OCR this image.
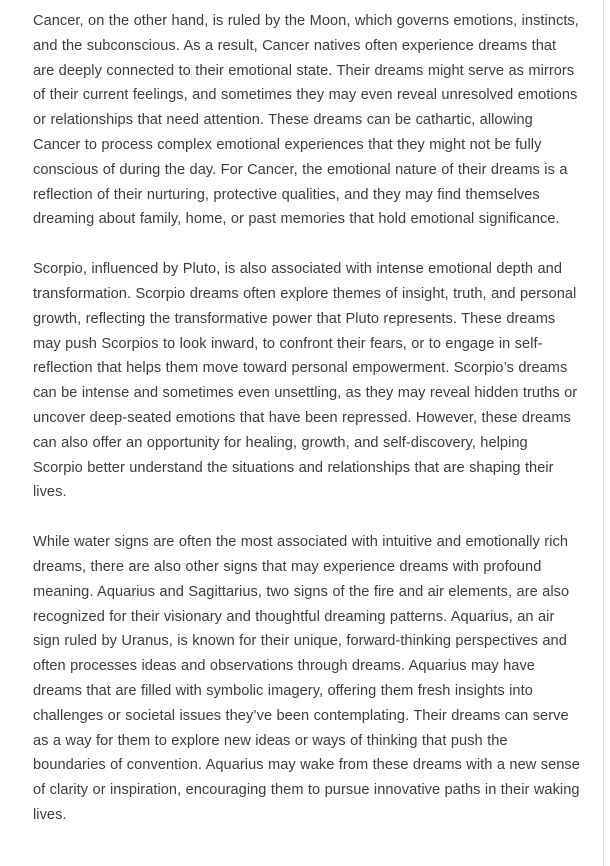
Cancer, on the other hand, is ruled by the Moon, which governs emotions, instincts, and the subconscious. As a result, Cancer natives often experience dreams that are deeply connected to their emotional state. Their dreams might serve as mirrors of their current feelings, and sometimes they may even reveal unresolved emotions or relationships that need attention. These dreams can be cathartic, allowing Cancer to process complex emotional experiences that they might not be fully conscious of during the day. For Cancer, the emotional nature of their dreams is a reflection of their nurturing, protective qualities, and they may find themselves dreaming about family, home, or past memories that hold emotional significance.

Scorpio, influenced by Pluto, is also associated with intense emotional depth and transformation. Scorpio dreams often explore themes of insight, truth, and personal growth, reflecting the transformative power that Pluto represents. These dreams may push Scorpios to look inward, to confront their fears, or to engage in self-reflection that helps them move toward personal empowerment. Scorpio’s dreams can be intense and sometimes even unsettling, as they may reveal hidden truths or uncover deep-seated emotions that have been repressed. However, these dreams can also offer an opportunity for healing, growth, and self-discovery, helping Scorpio better understand the situations and relationships that are shaping their lives.

While water signs are often the most associated with intuitive and emotionally rich dreams, there are also other signs that may experience dreams with profound meaning. Aquarius and Sagittarius, two signs of the fire and air elements, are also recognized for their visionary and thoughtful dreaming patterns. Aquarius, an air sign ruled by Uranus, is known for their unique, forward-thinking perspectives and often processes ideas and observations through dreams. Aquarius may have dreams that are filled with symbolic imagery, offering them fresh insights into challenges or societal issues they’ve been contemplating. Their dreams can serve as a way for them to explore new ideas or ways of thinking that push the boundaries of convention. Aquarius may wake from these dreams with a new sense of clarity or inspiration, encouraging them to pursue innovative paths in their waking lives.
